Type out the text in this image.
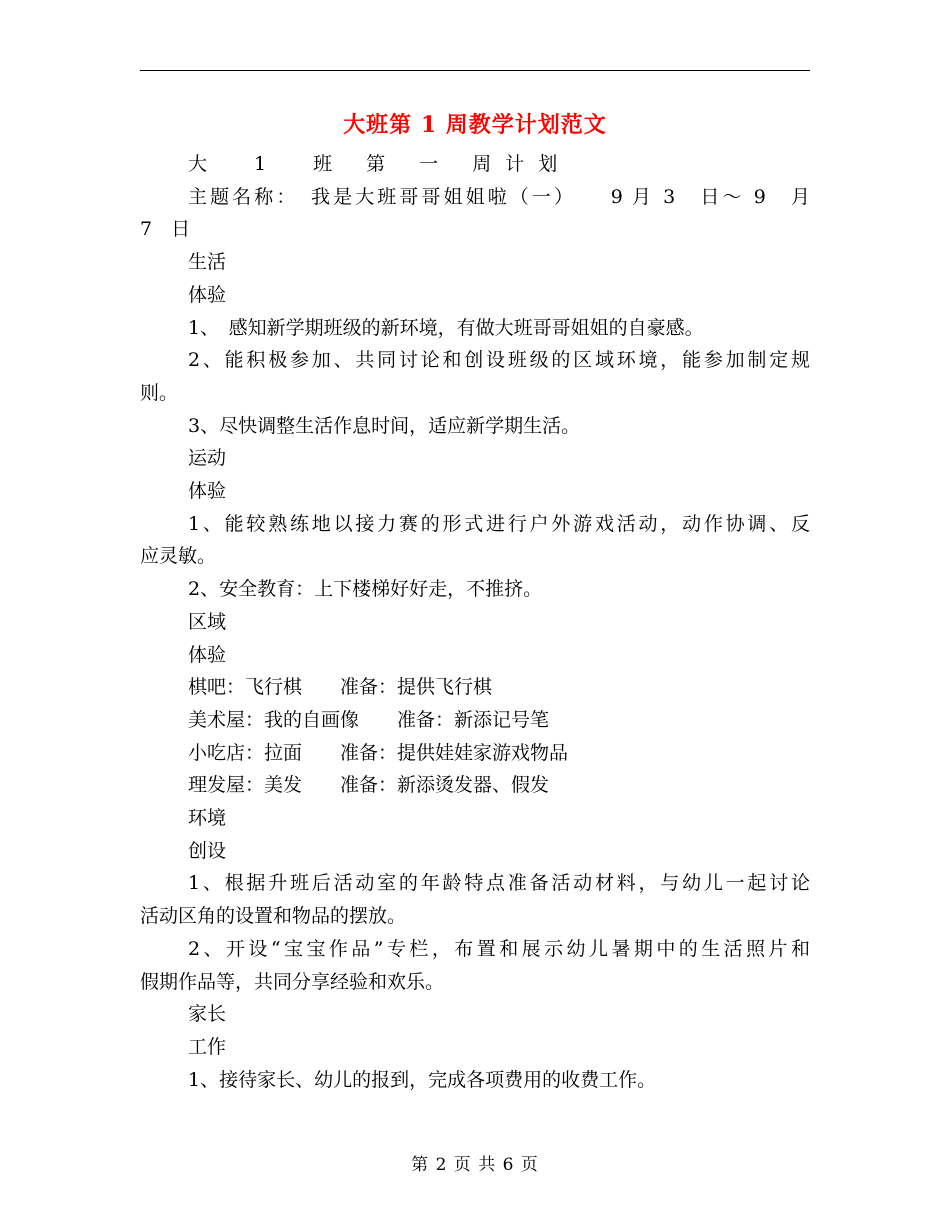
大班第 1 周教学计划范文
大　1　班 第 一 周计划
主题名称：　我是大班哥哥姐姐啦（一）　　9 月 3　日～ 9　月
7　日
生活
体验
1、　感知新学期班级的新环境，有做大班哥哥姐姐的自豪感。
2、能积极参加、共同讨论和创设班级的区域环境，能参加制定规
则。
3、尽快调整生活作息时间，适应新学期生活。
运动
体验
1、能较熟练地以接力赛的形式进行户外游戏活动，动作协调、反
应灵敏。
2、安全教育：上下楼梯好好走，不推挤。
区域
体验
棋吧：飞行棋　　准备：提供飞行棋
美术屋：我的自画像　　准备：新添记号笔
小吃店：拉面　　准备：提供娃娃家游戏物品
理发屋：美发　　准备：新添烫发器、假发
环境
创设
1、根据升班后活动室的年龄特点准备活动材料，与幼儿一起讨论
活动区角的设置和物品的摆放。
2、开设“宝宝作品”专栏，布置和展示幼儿暑期中的生活照片和
假期作品等，共同分享经验和欢乐。
家长
工作
1、接待家长、幼儿的报到，完成各项费用的收费工作。
第 2 页 共 6 页
